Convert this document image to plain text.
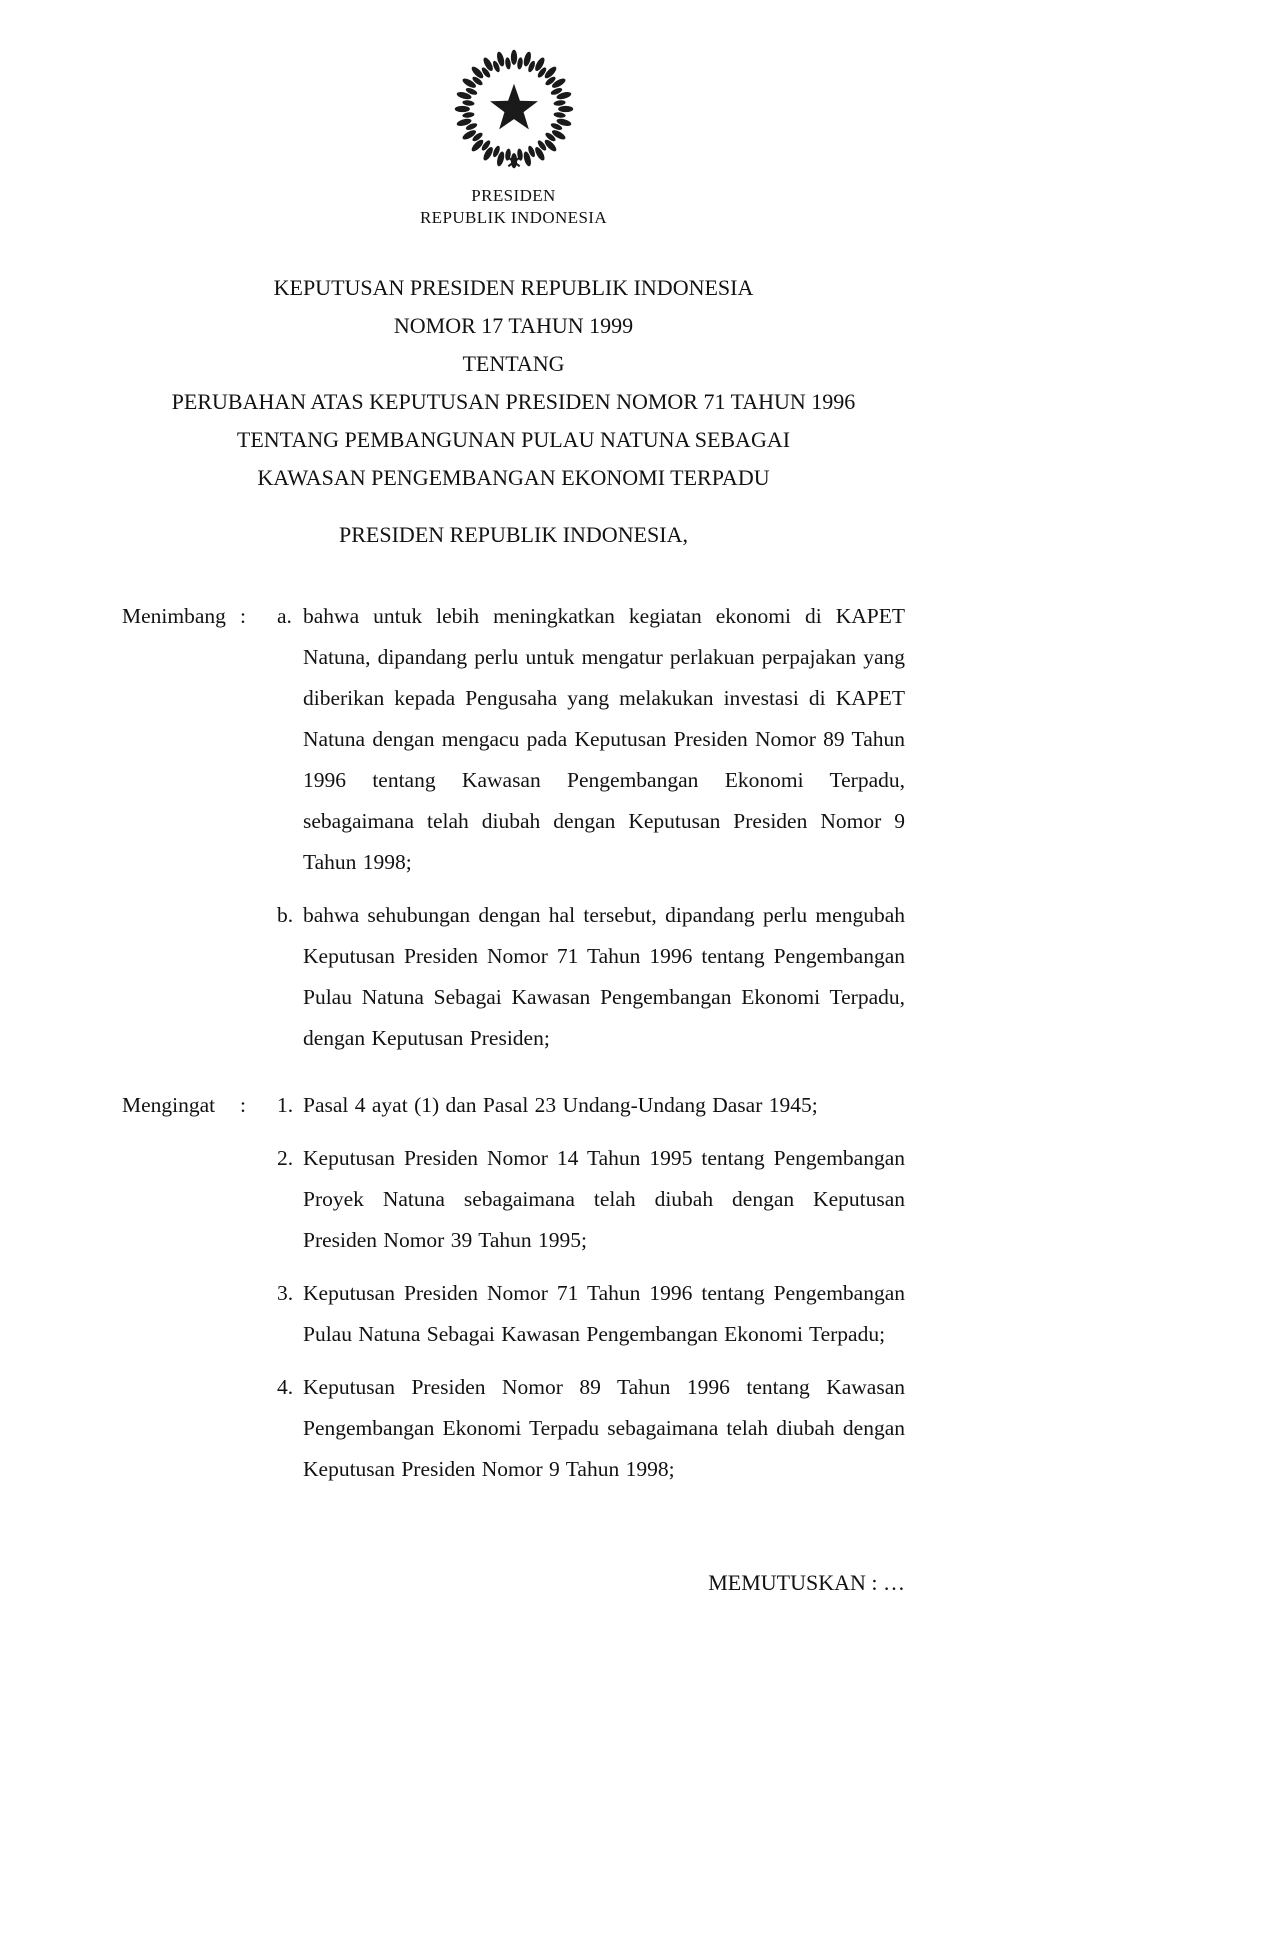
PRESIDEN
REPUBLIK INDONESIA
KEPUTUSAN PRESIDEN REPUBLIK INDONESIA
NOMOR 17 TAHUN 1999
TENTANG
PERUBAHAN ATAS KEPUTUSAN PRESIDEN NOMOR 71 TAHUN 1996
TENTANG PEMBANGUNAN PULAU NATUNA SEBAGAI
KAWASAN PENGEMBANGAN EKONOMI TERPADU
PRESIDEN REPUBLIK INDONESIA,
Menimbang :	a. bahwa untuk lebih meningkatkan kegiatan ekonomi di KAPET Natuna, dipandang perlu untuk mengatur perlakuan perpajakan yang diberikan kepada Pengusaha yang melakukan investasi di KAPET Natuna dengan mengacu pada Keputusan Presiden Nomor 89 Tahun 1996 tentang Kawasan Pengembangan Ekonomi Terpadu, sebagaimana telah diubah dengan Keputusan Presiden Nomor 9 Tahun 1998;
b. bahwa sehubungan dengan hal tersebut, dipandang perlu mengubah Keputusan Presiden Nomor 71 Tahun 1996 tentang Pengembangan Pulau Natuna Sebagai Kawasan Pengembangan Ekonomi Terpadu, dengan Keputusan Presiden;
Mengingat	:	1. Pasal 4 ayat (1) dan Pasal 23 Undang-Undang Dasar 1945;
2. Keputusan Presiden Nomor 14 Tahun 1995 tentang Pengembangan Proyek Natuna sebagaimana telah diubah dengan Keputusan Presiden Nomor 39 Tahun 1995;
3. Keputusan Presiden Nomor 71 Tahun 1996 tentang Pengembangan Pulau Natuna Sebagai Kawasan Pengembangan Ekonomi Terpadu;
4. Keputusan Presiden Nomor 89 Tahun 1996 tentang Kawasan Pengembangan Ekonomi Terpadu sebagaimana telah diubah dengan Keputusan Presiden Nomor 9 Tahun 1998;
MEMUTUSKAN : …
